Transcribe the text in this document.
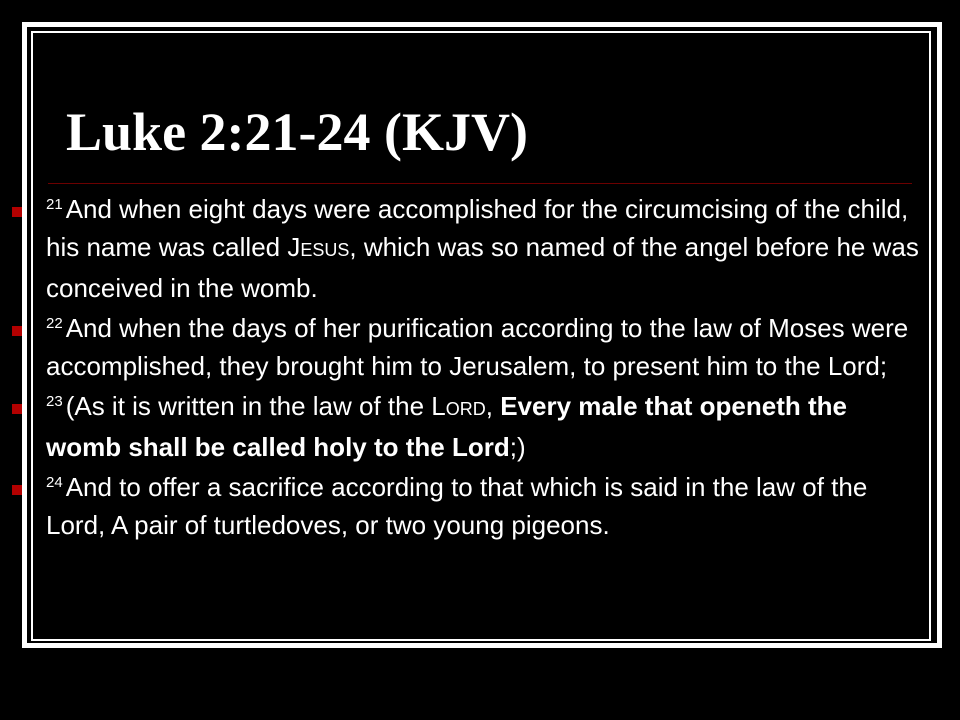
Luke 2:21-24 (KJV)
$^{21}$ And when eight days were accomplished for the circumcising of the child, his name was called JESUS, which was so named of the angel before he was conceived in the womb.
$^{22}$ And when the days of her purification according to the law of Moses were accomplished, they brought him to Jerusalem, to present him to the Lord;
$^{23}$ (As it is written in the law of the LORD, Every male that openeth the womb shall be called holy to the Lord;)
$^{24}$ And to offer a sacrifice according to that which is said in the law of the Lord, A pair of turtledoves, or two young pigeons.
